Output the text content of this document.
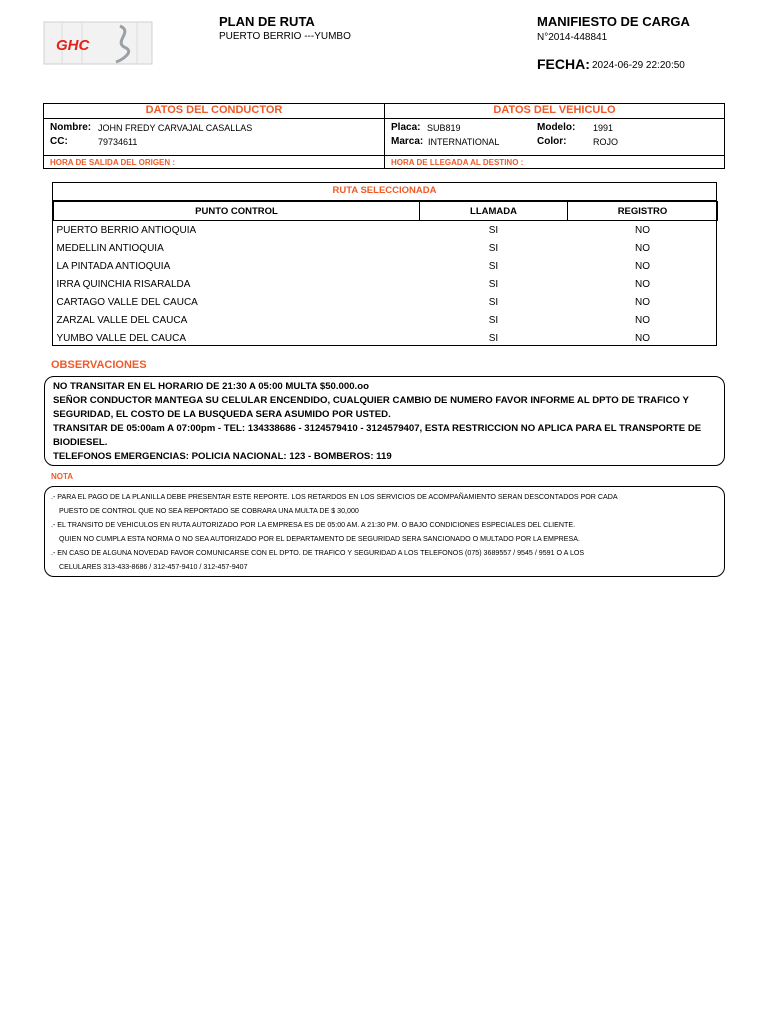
GHC
PLAN DE RUTA
PUERTO BERRIO ---YUMBO
MANIFIESTO DE CARGA
N°2014-448841
FECHA: 2024-06-29 22:20:50
DATOS DEL CONDUCTOR	DATOS DEL VEHICULO
Nombre: JOHN FREDY CARVAJAL CASALLAS
CC:	79734611
Placa: SUB819
Marca: INTERNATIONAL
Modelo: 1991
Color:	ROJO
HORA DE SALIDA DEL ORIGEN :	HORA DE LLEGADA AL DESTINO :
RUTA SELECCIONADA
PUNTO CONTROL	LLAMADA	REGISTRO
PUERTO BERRIO ANTIOQUIA	SI	NO
MEDELLIN ANTIOQUIA	SI	NO
LA PINTADA ANTIOQUIA	SI	NO
IRRA QUINCHIA RISARALDA	SI	NO
CARTAGO VALLE DEL CAUCA	SI	NO
ZARZAL VALLE DEL CAUCA	SI	NO
YUMBO VALLE DEL CAUCA	SI	NO
OBSERVACIONES
NO TRANSITAR EN EL HORARIO DE 21:30 A 05:00 MULTA $50.000.oo
SEÑOR CONDUCTOR MANTEGA SU CELULAR ENCENDIDO, CUALQUIER CAMBIO DE NUMERO FAVOR INFORME AL DPTO DE TRAFICO Y SEGURIDAD, EL COSTO DE LA BUSQUEDA SERA ASUMIDO POR USTED.
TRANSITAR DE 05:00am A 07:00pm - TEL: 134338686 - 3124579410 - 3124579407, ESTA RESTRICCION NO APLICA PARA EL TRANSPORTE DE BIODIESEL.
TELEFONOS EMERGENCIAS: POLICIA NACIONAL: 123 - BOMBEROS: 119
NOTA
.- PARA EL PAGO DE LA PLANILLA DEBE PRESENTAR ESTE REPORTE. LOS RETARDOS EN LOS SERVICIOS DE ACOMPAÑAMIENTO SERAN DESCONTADOS POR CADA
PUESTO DE CONTROL QUE NO SEA REPORTADO SE COBRARA UNA MULTA DE $ 30,000
.- EL TRANSITO DE VEHICULOS EN RUTA AUTORIZADO POR LA EMPRESA ES DE 05:00 AM. A 21:30 PM. O BAJO CONDICIONES ESPECIALES DEL CLIENTE.
QUIEN NO CUMPLA ESTA NORMA O NO SEA AUTORIZADO POR EL DEPARTAMENTO DE SEGURIDAD SERA SANCIONADO O MULTADO POR LA EMPRESA.
.- EN CASO DE ALGUNA NOVEDAD FAVOR COMUNICARSE CON EL DPTO. DE TRAFICO Y SEGURIDAD A LOS TELEFONOS (075) 3689557 / 9545 / 9591 O A LOS
CELULARES 313-433-8686 / 312-457-9410 / 312-457-9407
